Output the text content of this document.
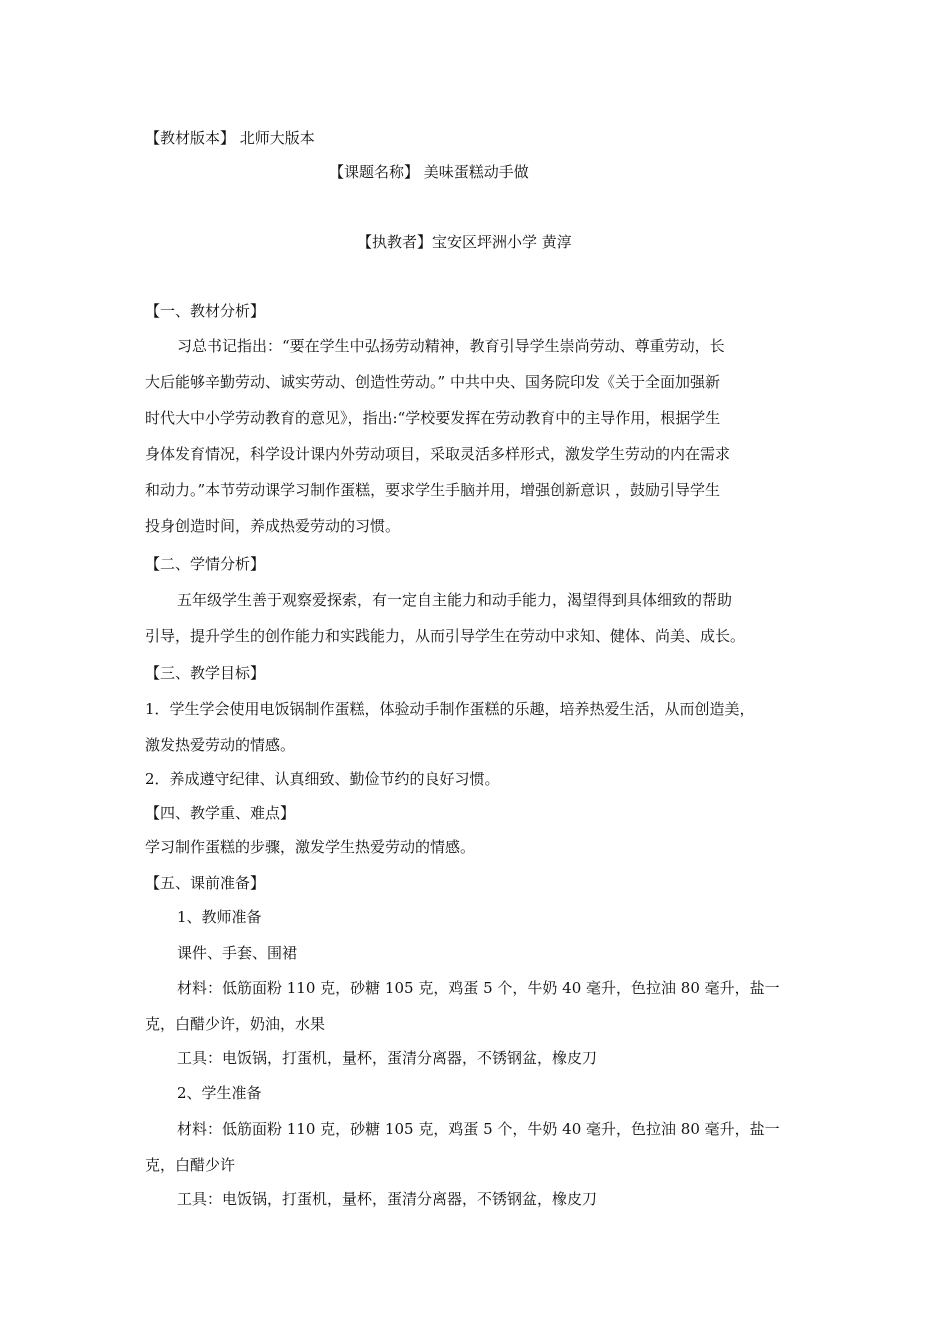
【教材版本】 北师大版本
【课题名称】 美味蛋糕动手做
【执教者】宝安区坪洲小学 黄淳
【一、教材分析】
习总书记指出：“要在学生中弘扬劳动精神，教育引导学生崇尚劳动、尊重劳动，长
大后能够辛勤劳动、诚实劳动、创造性劳动。” 中共中央、国务院印发《关于全面加强新
时代大中小学劳动教育的意见》，指出:“学校要发挥在劳动教育中的主导作用，根据学生
身体发育情况，科学设计课内外劳动项目，采取灵活多样形式，激发学生劳动的内在需求
和动力。”本节劳动课学习制作蛋糕，要求学生手脑并用，增强创新意识 ，鼓励引导学生
投身创造时间，养成热爱劳动的习惯。
【二、学情分析】
五年级学生善于观察爱探索，有一定自主能力和动手能力，渴望得到具体细致的帮助
引导，提升学生的创作能力和实践能力，从而引导学生在劳动中求知、健体、尚美、成长。
【三、教学目标】
1．学生学会使用电饭锅制作蛋糕，体验动手制作蛋糕的乐趣，培养热爱生活，从而创造美，
激发热爱劳动的情感。
2．养成遵守纪律、认真细致、勤俭节约的良好习惯。
【四、教学重、难点】
学习制作蛋糕的步骤，激发学生热爱劳动的情感。
【五、课前准备】
1、教师准备
课件、手套、围裙
材料：低筋面粉 110 克，砂糖 105 克，鸡蛋 5 个，牛奶 40 毫升，色拉油 80 毫升，盐一
克，白醋少许，奶油，水果
工具：电饭锅，打蛋机，量杯，蛋清分离器，不锈钢盆，橡皮刀
2、学生准备
材料：低筋面粉 110 克，砂糖 105 克，鸡蛋 5 个，牛奶 40 毫升，色拉油 80 毫升，盐一
克，白醋少许
工具：电饭锅，打蛋机，量杯，蛋清分离器，不锈钢盆，橡皮刀
